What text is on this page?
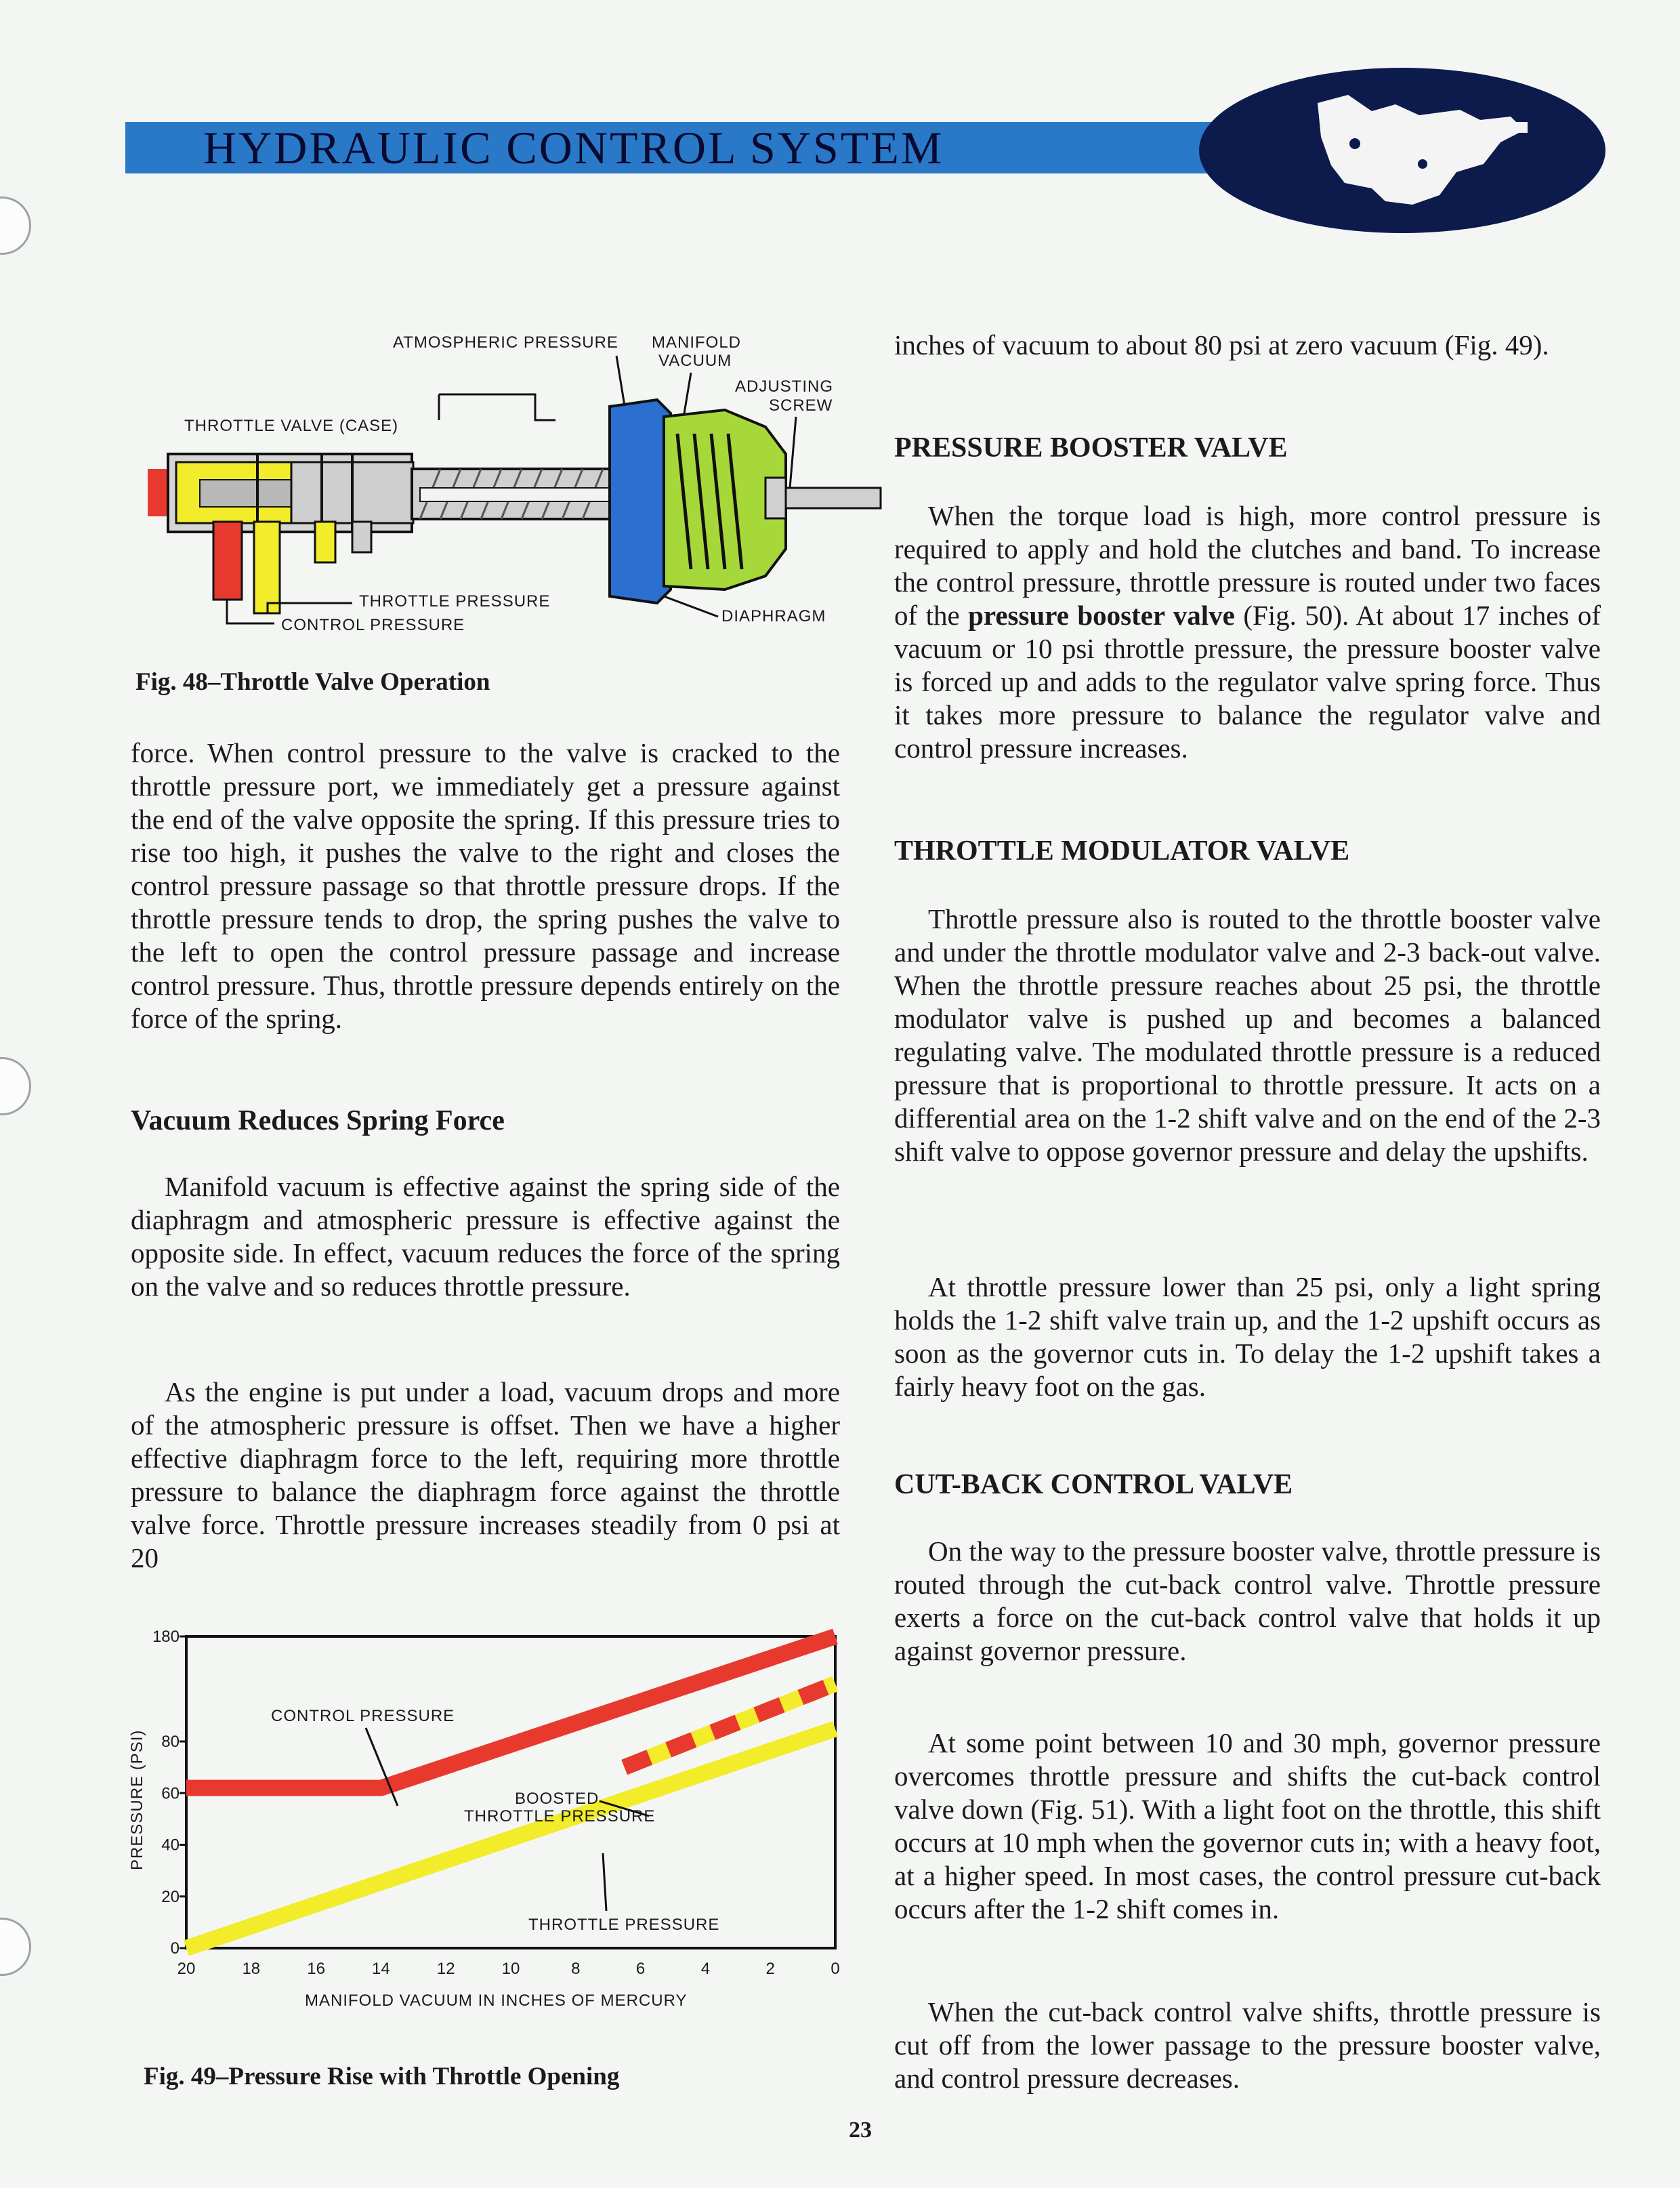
HYDRAULIC CONTROL SYSTEM
ATMOSPHERIC PRESSURE MANIFOLD
VACUUM
ADJUSTING
SCREW
THROTTLE VALVE (CASE)
THROTTLE PRESSURE
CONTROL PRESSURE	DIAPHRAGM
Fig. 48–Throttle Valve Operation

force. When control pressure to the valve is cracked to the throttle pressure port, we immediately get a pressure against the end of the valve opposite the spring. If this pressure tries to rise too high, it pushes the valve to the right and closes the control pressure passage so that throttle pressure drops. If the throttle pressure tends to drop, the spring pushes the valve to the left to open the control pressure passage and increase control pressure. Thus, throttle pressure depends entirely on the force of the spring.

Vacuum Reduces Spring Force

Manifold vacuum is effective against the spring side of the diaphragm and atmospheric pressure is effective against the opposite side. In effect, vacuum reduces the force of the spring on the valve and so reduces throttle pressure.

As the engine is put under a load, vacuum drops and more of the atmospheric pressure is offset. Then we have a higher effective diaphragm force to the left, requiring more throttle pressure to balance the diaphragm force against the throttle valve force. Throttle pressure increases steadily from 0 psi at 20

0
20
40
60
80
180
20	18	16	14	12	10	8	6	4	2	0
PRESSURE (PSI)
MANIFOLD VACUUM IN INCHES OF MERCURY
CONTROL PRESSURE
BOOSTED
THROTTLE PRESSURE
THROTTLE PRESSURE
Fig. 49–Pressure Rise with Throttle Opening

inches of vacuum to about 80 psi at zero vacuum (Fig. 49).

PRESSURE BOOSTER VALVE

When the torque load is high, more control pressure is required to apply and hold the clutches and band. To increase the control pressure, throttle pressure is routed under two faces of the pressure booster valve (Fig. 50). At about 17 inches of vacuum or 10 psi throttle pressure, the pressure booster valve is forced up and adds to the regulator valve spring force. Thus it takes more pressure to balance the regulator valve and control pressure increases.

THROTTLE MODULATOR VALVE

Throttle pressure also is routed to the throttle booster valve and under the throttle modulator valve and 2-3 back-out valve. When the throttle pressure reaches about 25 psi, the throttle modulator valve is pushed up and becomes a balanced regulating valve. The modulated throttle pressure is a reduced pressure that is proportional to throttle pressure. It acts on a differential area on the 1-2 shift valve and on the end of the 2-3 shift valve to oppose governor pressure and delay the upshifts.

At throttle pressure lower than 25 psi, only a light spring holds the 1-2 shift valve train up, and the 1-2 upshift occurs as soon as the governor cuts in. To delay the 1-2 upshift takes a fairly heavy foot on the gas.

CUT-BACK CONTROL VALVE

On the way to the pressure booster valve, throttle pressure is routed through the cut-back control valve. Throttle pressure exerts a force on the cut-back control valve that holds it up against governor pressure.

At some point between 10 and 30 mph, governor pressure overcomes throttle pressure and shifts the cut-back control valve down (Fig. 51). With a light foot on the throttle, this shift occurs at 10 mph when the governor cuts in; with a heavy foot, at a higher speed. In most cases, the control pressure cut-back occurs after the 1-2 shift comes in.

When the cut-back control valve shifts, throttle pressure is cut off from the lower passage to the pressure booster valve, and control pressure decreases.

23
